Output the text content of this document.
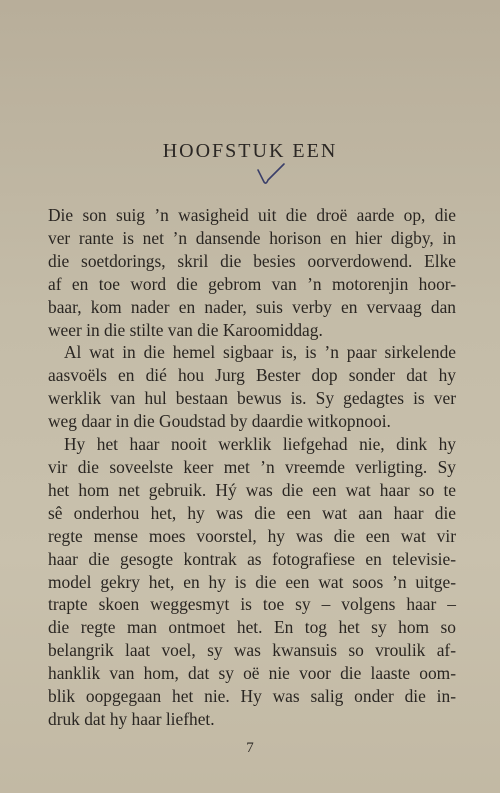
HOOFSTUK EEN
Die son suig ’n wasigheid uit die droë aarde op, die
ver rante is net ’n dansende horison en hier digby, in
die soetdorings, skril die besies oorverdowend. Elke
af en toe word die gebrom van ’n motorenjin hoor-
baar, kom nader en nader, suis verby en vervaag dan
weer in die stilte van die Karoomiddag.
Al wat in die hemel sigbaar is, is ’n paar sirkelende
aasvoëls en dié hou Jurg Bester dop sonder dat hy
werklik van hul bestaan bewus is. Sy gedagtes is ver
weg daar in die Goudstad by daardie witkopnooi.
Hy het haar nooit werklik liefgehad nie, dink hy
vir die soveelste keer met ’n vreemde verligting. Sy
het hom net gebruik. Hý was die een wat haar so te
sê onderhou het, hy was die een wat aan haar die
regte mense moes voorstel, hy was die een wat vir
haar die gesogte kontrak as fotografiese en televisie-
model gekry het, en hy is die een wat soos ’n uitge-
trapte skoen weggesmyt is toe sy – volgens haar –
die regte man ontmoet het. En tog het sy hom so
belangrik laat voel, sy was kwansuis so vroulik af-
hanklik van hom, dat sy oë nie voor die laaste oom-
blik oopgegaan het nie. Hy was salig onder die in-
druk dat hy haar liefhet.
7
